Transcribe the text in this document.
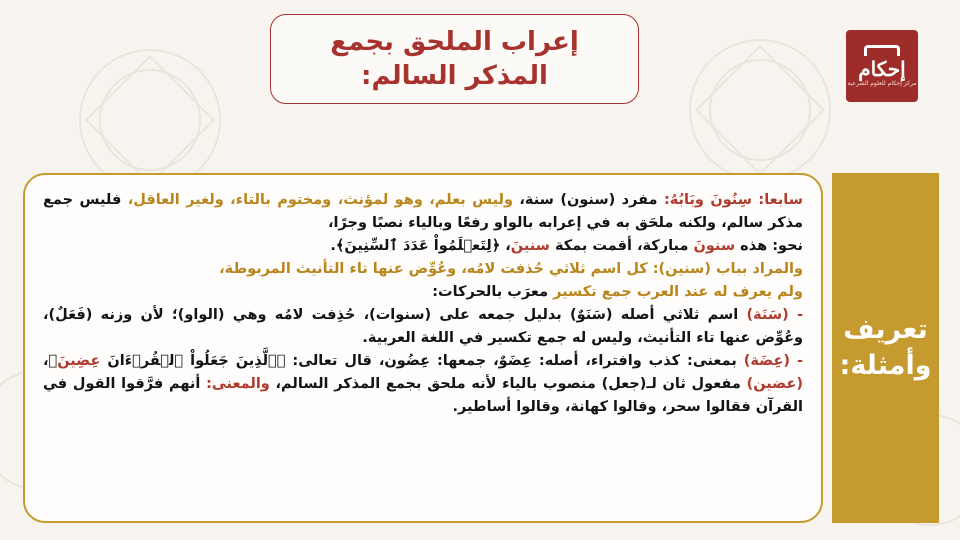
إعراب الملحق بجمع
المذكر السالم:	إحكام
مركز إحكام للعلوم الشرعية

سابعا: سِنُونَ وبَابُهُ: مفرد (سنون) سنة، وليس بعلم، وهو لمؤنث، ومختوم بالتاء، ولغير العاقل، فليس جمع مذكر سالم، ولكنه ملحَق به في إعرابه بالواو رفعًا وبالياء نصبًا وجرًا،

نحو: هذه سنونَ مباركة، أقمت بمكة سنينَ، ﴿لِتَعۡلَمُواْ عَدَدَ ٱلسِّنِينَ﴾.

والمراد بباب (سنين): كل اسم ثلاثي حُذفت لامُه، وعُوِّض عنها تاء التأنيث المربوطة،

ولم يعرف له عند العرب جمع تكسير معرَب بالحركات:

- (سَنَة) اسم ثلاثي أصله (سَنَوٌ) بدليل جمعه على (سنوات)، حُذِفت لامُه وهي (الواو)؛ لأن وزنه (فَعَلٌ)، وعُوِّض عنها تاء التأنيث، وليس له جمع تكسير في اللغة العربية.

- (عِضَة) بمعنى: كذب وافتراء، أصله: عِضَوٌ، جمعها: عِضُون، قال تعالى: ﴿ٱلَّذِينَ جَعَلُواْ ٱلۡقُرۡءَانَ عِضِينَ﴾، (عضين) مفعول ثان لـ(جعل) منصوب بالياء لأنه ملحق بجمع المذكر السالم، والمعنى: أنهم فرَّقوا القول في القرآن فقالوا سحر، وقالوا كهانة، وقالوا أساطير.

تعريف
وأمثلة:
